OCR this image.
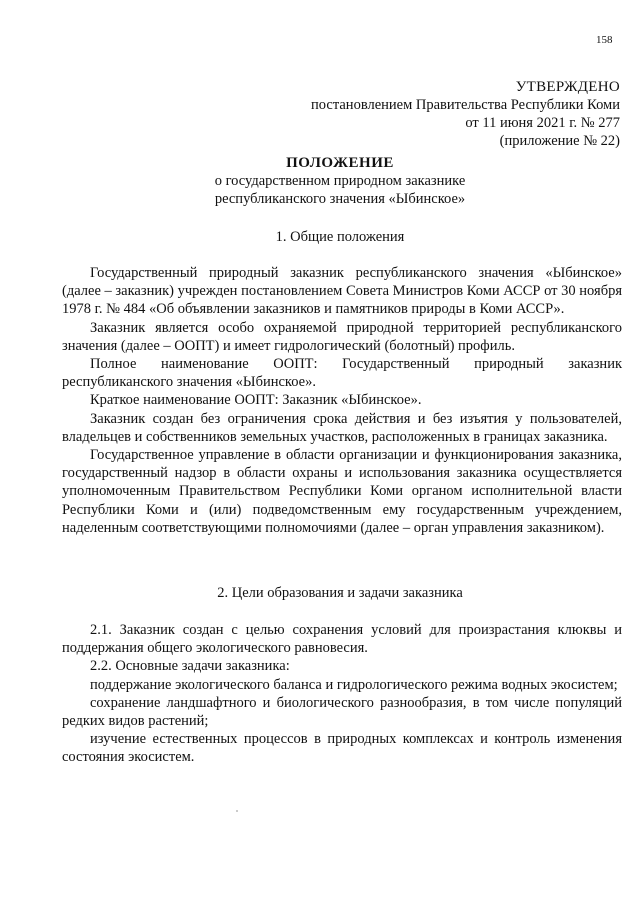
158
УТВЕРЖДЕНО
постановлением Правительства Республики Коми
от 11 июня 2021 г. № 277
(приложение № 22)
ПОЛОЖЕНИЕ
о государственном природном заказнике
республиканского значения «Ыбинское»
1. Общие положения

Государственный природный заказник республиканского значения «Ыбинское» (далее – заказник) учрежден постановлением Совета Министров Коми АССР от 30 ноября 1978 г. № 484 «Об объявлении заказников и памятников природы в Коми АССР».

Заказник является особо охраняемой природной территорией республиканского значения (далее – ООПТ) и имеет гидрологический (болотный) профиль.

Полное наименование ООПТ: Государственный природный заказник республиканского значения «Ыбинское».

Краткое наименование ООПТ: Заказник «Ыбинское».

Заказник создан без ограничения срока действия и без изъятия у пользователей, владельцев и собственников земельных участков, расположенных в границах заказника.

Государственное управление в области организации и функционирования заказника, государственный надзор в области охраны и использования заказника осуществляется уполномоченным Правительством Республики Коми органом исполнительной власти Республики Коми и (или) подведомственным ему государственным учреждением, наделенным соответствующими полномочиями (далее – орган управления заказником).

2. Цели образования и задачи заказника

2.1. Заказник создан с целью сохранения условий для произрастания клюквы и поддержания общего экологического равновесия.

2.2. Основные задачи заказника:

поддержание экологического баланса и гидрологического режима водных экосистем;

сохранение ландшафтного и биологического разнообразия, в том числе популяций редких видов растений;

изучение естественных процессов в природных комплексах и контроль изменения состояния экосистем.
